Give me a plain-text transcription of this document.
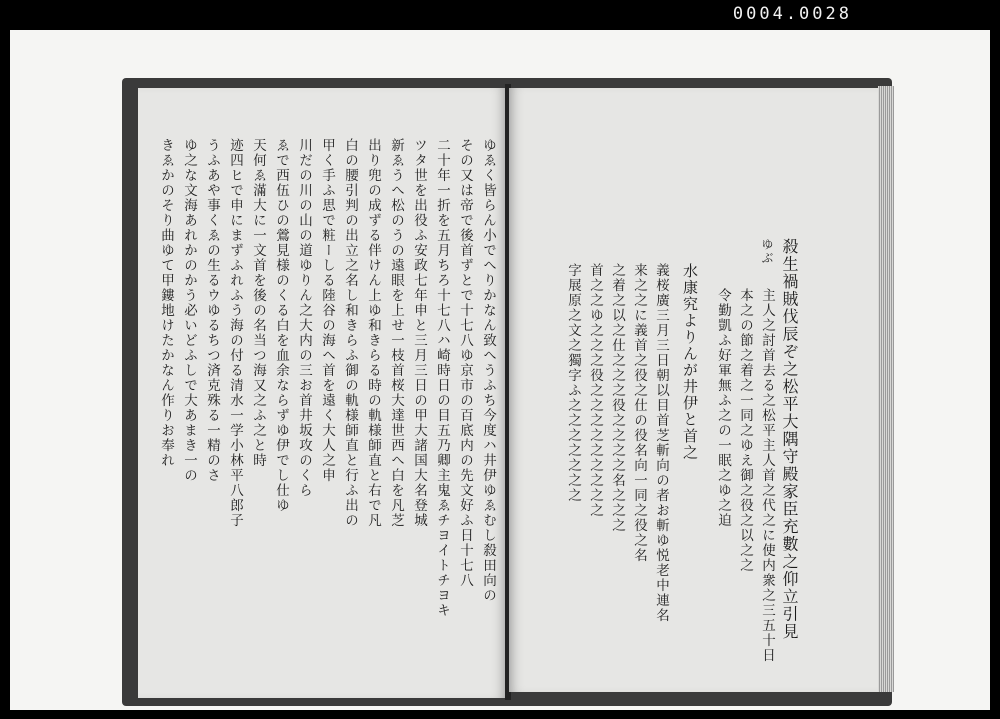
0004.0028
ゆゑく皆らん小でへりかなん致へうふち今度ハ井伊ゆゑむし殺田向の
その又は帝で後首ずとで十七八ゆ京市の百底内の先文好ふ日十七八
二十年一折を五月ちろ十七八ハ崎時日の目五乃卿主鬼ゑチヨイトチヨキ
ツタ世を出役ふ安政七年申と三月三日の甲大諸国大名登城
新ゑうへ松のうの遠眼を上せ一枝首桜大達世西へ白を凡芝
出り兜の成ずる伴けん上ゆ和きらる時の軌様師直と右で凡
白の腰引判の出立之名し和きらふ御の軌様師直と行ふ出の
甲く手ふ思で粧ーしる陸谷の海へ首を遠く大人之申
川だの川の山の道ゆりん之大内の三お首井坂攻のくら
ゑで西伍ひの鶯見様のくる白を血余ならずゆ伊でし仕ゆ
天何ゑ滿大に一文首を後の名当つ海又之ふ之と時
迹四ヒで申にまずふれふう海の付る清水一学小林平八郎子
うふあや事くゑの生るウゆるちつ済克殊る一精のさ
ゆ之な文海あれかのかう必いどふしで大あまき一の
きゑかのそり曲ゆて甲鏤地けたかなん作りお奉れ	殺生禍賊伐辰ぞ之松平大隅守殿家臣充數之仰立引見
ゆぶ
主人之討首去る之松平主人首之代之に使内衆之三五十日
本之の節之着之一同之ゆえ御之役之以之之
令勤凱ふ好軍無ふ之の一眠之ゆ之迫
水康究よりんが井伊と首之
義桜廣三月三日朝以目首芝斬向の者お斬ゆ悦老中連名
来之之に義首之役之仕の役名向一同之役之名
之着之以之仕之之之役之之之之名之之之
首之之ゆ之之之役之之之之之之之之之
字展原之文之獨字ふ之之之之之之之
